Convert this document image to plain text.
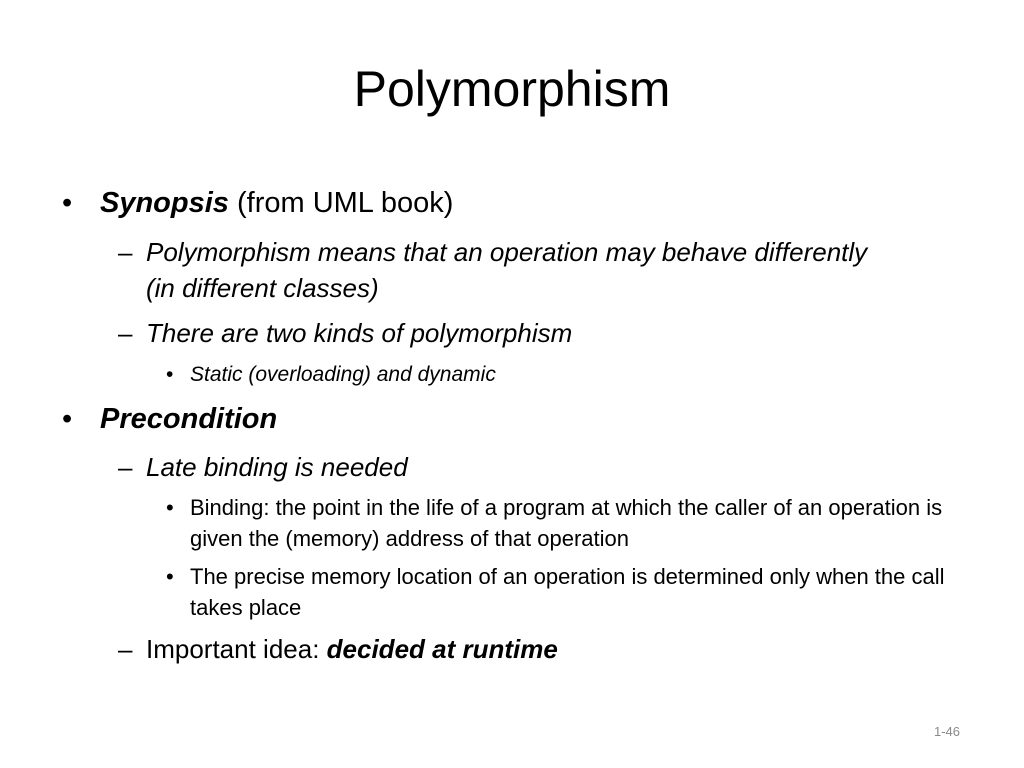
Polymorphism
• Synopsis (from UML book)
– Polymorphism means that an operation may behave differently (in different classes)
– There are two kinds of polymorphism
• Static (overloading) and dynamic
• Precondition
– Late binding is needed
• Binding: the point in the life of a program at which the caller of an operation is given the (memory) address of that operation
• The precise memory location of an operation is determined only when the call takes place
– Important idea: decided at runtime
1-46
